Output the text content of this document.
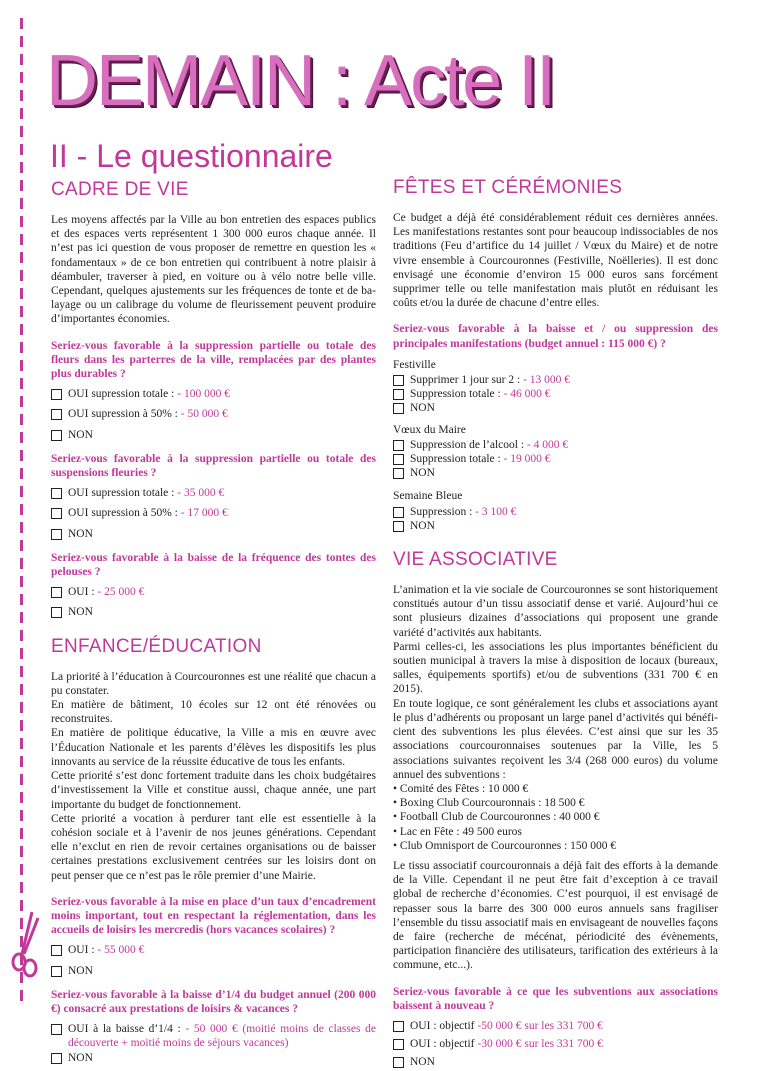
DEMAIN : Acte II
II - Le questionnaire
CADRE DE VIE

Les moyens affectés par la Ville au bon entretien des espaces publics et des espaces verts représentent 1 300 000 euros chaque année. Il n’est pas ici question de vous proposer de remettre en question les « fondamentaux » de ce bon entretien qui contribuent à notre plaisir à déambuler, traverser à pied, en voiture ou à vélo notre belle ville. Cependant, quelques ajustements sur les fréquences de tonte et de balayage ou un calibrage du volume de fleurissement peuvent produire d’importantes économies.

Seriez-vous favorable à la suppression partielle ou totale des fleurs dans les parterres de la ville, remplacées par des plantes plus durables ?

OUI supression totale : - 100 000 €
OUI supression à 50% : - 50 000 €
NON

Seriez-vous favorable à la suppression partielle ou totale des suspensions fleuries ?

OUI supression totale : - 35 000 €
OUI supression à 50% : - 17 000 €
NON

Seriez-vous favorable à la baisse de la fréquence des tontes des pelouses ?

OUI : - 25 000 €
NON
ENFANCE/ÉDUCATION

La priorité à l’éducation à Courcouronnes est une réalité que chacun a pu constater.

En matière de bâtiment, 10 écoles sur 12 ont été rénovées ou reconstruites.

En matière de politique éducative, la Ville a mis en œuvre avec l’Éducation Nationale et les parents d’élèves les dispositifs les plus innovants au service de la réussite éducative de tous les enfants.

Cette priorité s’est donc fortement traduite dans les choix budgétaires d’investissement la Ville et constitue aussi, chaque année, une part importante du budget de fonctionnement.

Cette priorité a vocation à perdurer tant elle est essentielle à la cohésion sociale et à l’avenir de nos jeunes générations. Cependant elle n’exclut en rien de revoir certaines organisations ou de baisser certaines prestations exclusivement centrées sur les loisirs dont on peut penser que ce n’est pas le rôle premier d’une Mairie.

Seriez-vous favorable à la mise en place d’un taux d’encadrement moins important, tout en respectant la réglementation, dans les accueils de loisirs les mercredis (hors vacances scolaires) ?

OUI : - 55 000 €
NON

Seriez-vous favorable à la baisse d’1/4 du budget annuel (200 000 €) consacré aux prestations de loisirs & vacances ?

OUI à la baisse d’1/4 : - 50 000 € (moitié moins de classes de découverte + moitié moins de séjours vacances)
NON
FÊTES ET CÉRÉMONIES

Ce budget a déjà été considérablement réduit ces dernières années. Les manifestations restantes sont pour beaucoup indissociables de nos traditions (Feu d’artifice du 14 juillet / Vœux du Maire) et de notre vivre ensemble à Courcouronnes (Festiville, Noëlleries). Il est donc envisagé une économie d’environ 15 000 euros sans forcément supprimer telle ou telle manifestation mais plutôt en réduisant les coûts et/ou la durée de chacune d’entre elles.

Seriez-vous favorable à la baisse et / ou suppression des principales manifestations (budget annuel : 115 000 €) ?

Festiville
Supprimer 1 jour sur 2 : - 13 000 €
Suppression totale : - 46 000 €
NON
Vœux du Maire
Suppression de l’alcool : - 4 000 €
Suppression totale : - 19 000 €
NON
Semaine Bleue
Suppression : - 3 100 €
NON
VIE ASSOCIATIVE

L’animation et la vie sociale de Courcouronnes se sont historiquement constitués autour d’un tissu associatif dense et varié. Aujourd’hui ce sont plusieurs dizaines d’associations qui proposent une grande variété d’activités aux habitants.

Parmi celles-ci, les associations les plus importantes bénéficient du soutien municipal à travers la mise à disposition de locaux (bureaux, salles, équipements sportifs) et/ou de subventions (331 700 € en 2015).

En toute logique, ce sont généralement les clubs et associations ayant le plus d’adhérents ou proposant un large panel d’activités qui bénéficient des subventions les plus élevées. C’est ainsi que sur les 35 associations courcouronnaises soutenues par la Ville, les 5 associations suivantes reçoivent les 3/4 (268 000 euros) du volume annuel des subventions :

• Comité des Fêtes : 10 000 €
• Boxing Club Courcouronnais : 18 500 €
• Football Club de Courcouronnes : 40 000 €
• Lac en Fête : 49 500 euros
• Club Omnisport de Courcouronnes : 150 000 €

Le tissu associatif courcouronnais a déjà fait des efforts à la demande de la Ville. Cependant il ne peut être fait d’exception à ce travail global de recherche d’économies. C’est pourquoi, il est envisagé de repasser sous la barre des 300 000 euros annuels sans fragiliser l’ensemble du tissu associatif mais en envisageant de nouvelles façons de faire (recherche de mécénat, périodicité des évènements, participation financière des utilisateurs, tarification des extérieurs à la commune, etc...).

Seriez-vous favorable à ce que les subventions aux associations baissent à nouveau ?

OUI : objectif -50 000 € sur les 331 700 €
OUI : objectif -30 000 € sur les 331 700 €
NON
